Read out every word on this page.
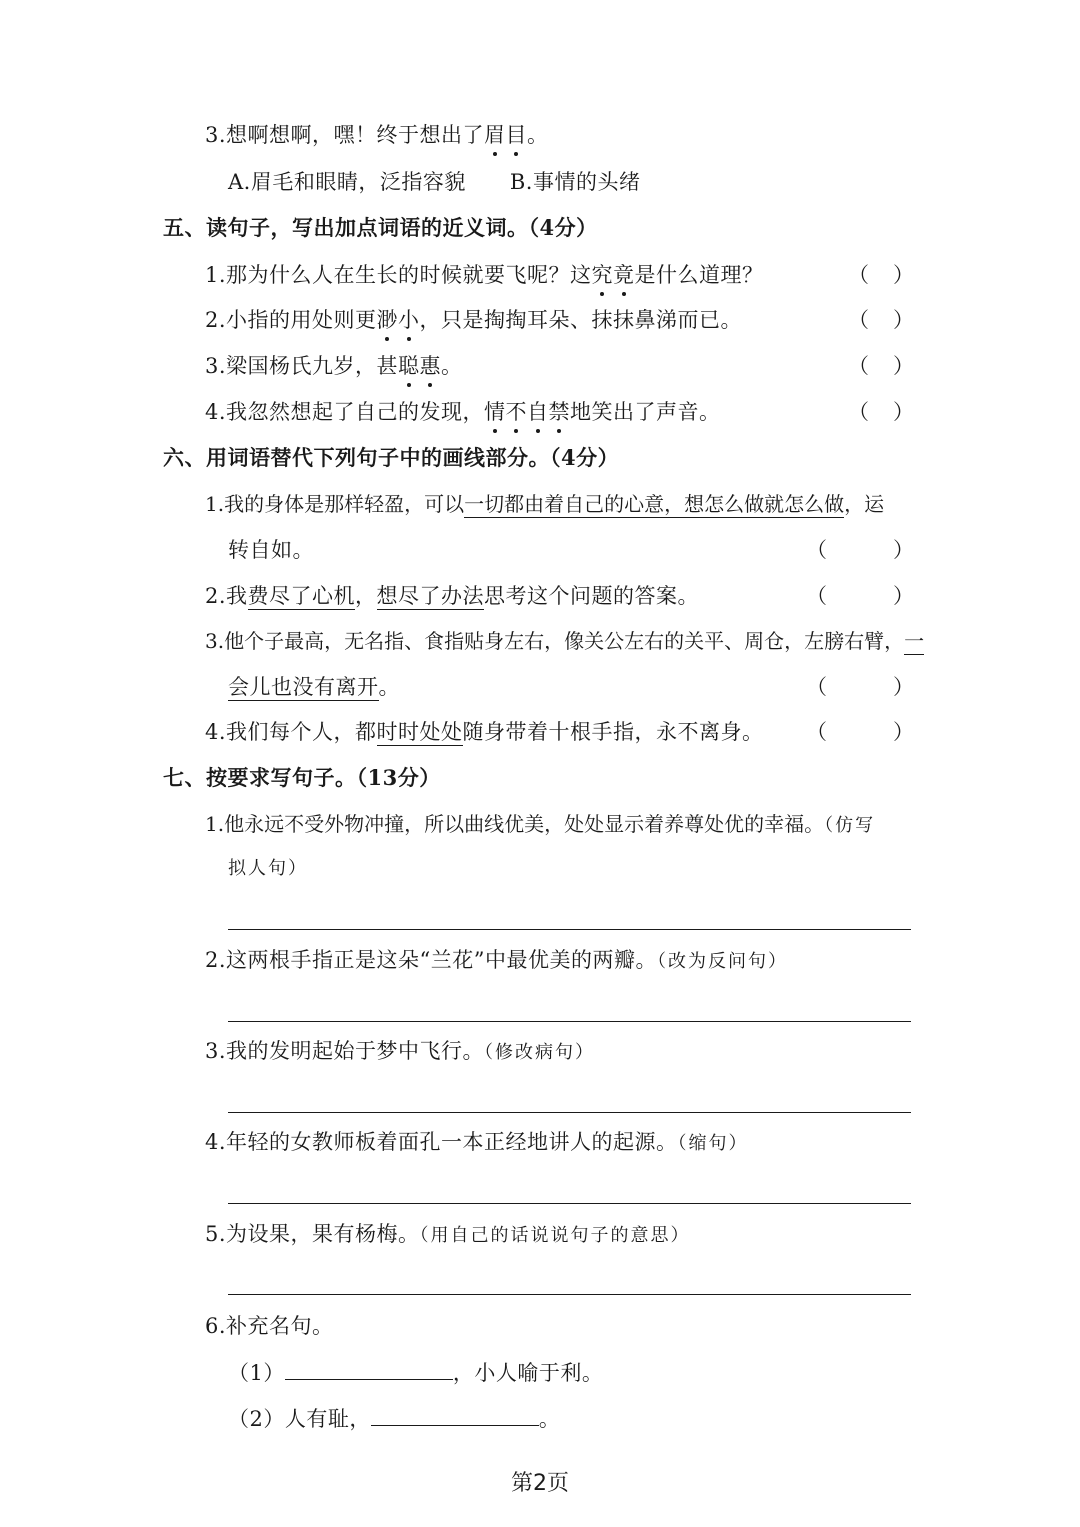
3.想啊想啊，嘿！终于想出了眉目。
A.眉毛和眼睛，泛指容貌 B.事情的头绪
五、读句子，写出加点词语的近义词。（4分）
1.那为什么人在生长的时候就要飞呢？这究竟是什么道理？	（ ）
2.小指的用处则更渺小，只是掏掏耳朵、抹抹鼻涕而已。	（ ）
3.梁国杨氏九岁，甚聪惠。	（ ）
4.我忽然想起了自己的发现，情不自禁地笑出了声音。	（ ）
六、用词语替代下列句子中的画线部分。（4分）
1.我的身体是那样轻盈，可以一切都由着自己的心意，想怎么做就怎么做，运
转自如。	（	）
2.我费尽了心机，想尽了办法思考这个问题的答案。	（	）
3.他个子最高，无名指、食指贴身左右，像关公左右的关平、周仓，左膀右臂，一
会儿也没有离开。	（	）
4.我们每个人，都时时处处随身带着十根手指，永不离身。 （	）
七、按要求写句子。（13分）
1.他永远不受外物冲撞，所以曲线优美，处处显示着养尊处优的幸福。（仿写
拟人句）
2.这两根手指正是这朵“兰花”中最优美的两瓣。（改为反问句）
3.我的发明起始于梦中飞行。（修改病句）
4.年轻的女教师板着面孔一本正经地讲人的起源。（缩句）
5.为设果，果有杨梅。（用自己的话说说句子的意思）
6.补充名句。
（1）	，小人喻于利。
（2）人有耻，	。
第2页
